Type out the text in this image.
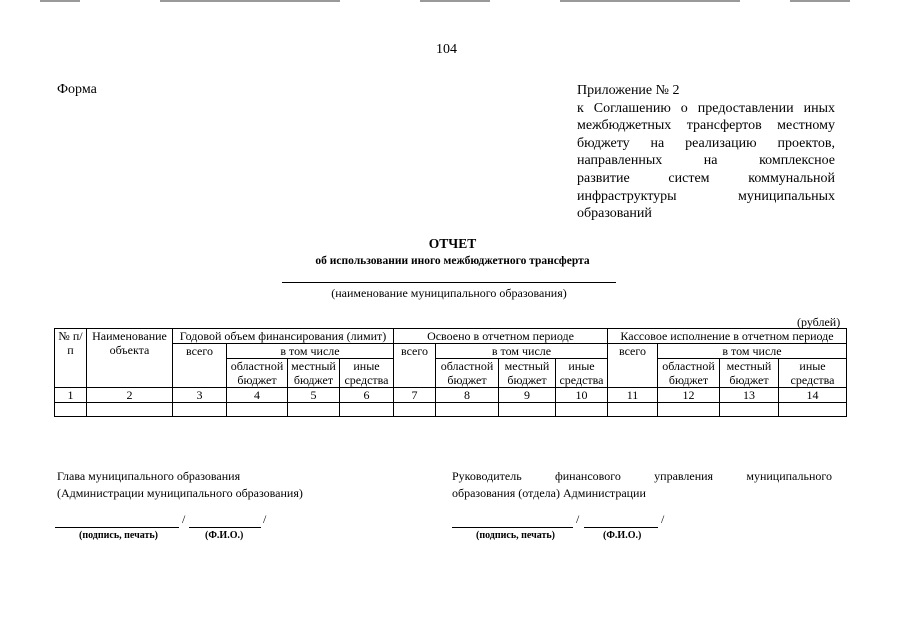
104
Форма	Приложение № 2
к Соглашению о предоставлении иных
межбюджетных трансфертов местному
бюджету на реализацию проектов,
направленных на комплексное
развитие систем коммунальной
инфраструктуры муниципальных
образований
ОТЧЕТ
об использовании иного межбюджетного трансферта
(наименование муниципального образования)
(рублей)
№ п/п	Наименование объекта	Годовой объем финансирования (лимит)				Освоено в отчетном периоде				Кассовое исполнение в отчетном периоде			
		всего	в том числе			всего	в том числе			всего	в том числе		
			областной бюджет	местный бюджет	иные средства		областной бюджет	местный бюджет	иные средства		областной бюджет	местный бюджет	иные средства
1	2	3	4	5	6	7	8	9	10	11	12	13	14

Глава муниципального образования
(Администрации муниципального образования)
/	/
(подпись, печать)	(Ф.И.О.)
Руководитель финансового управления муниципального
образования (отдела) Администрации
/	/
(подпись, печать)	(Ф.И.О.)
